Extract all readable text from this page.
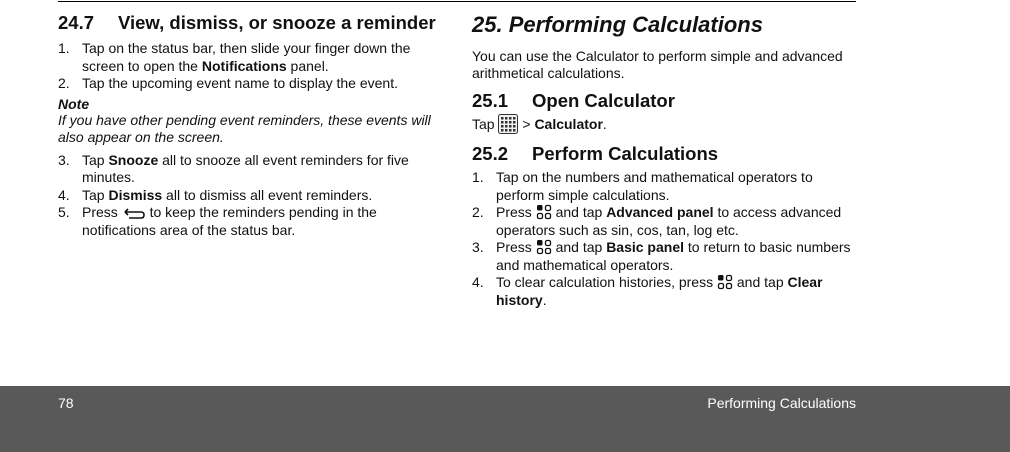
24.7 View, dismiss, or snooze a reminder

1. Tap on the status bar, then slide your finger down the screen to open the Notifications panel.

2. Tap the upcoming event name to display the event.

Note

If you have other pending event reminders, these events will also appear on the screen.

3. Tap Snooze all to snooze all event reminders for five minutes.

4. Tap Dismiss all to dismiss all event reminders.

5. Press  to keep the reminders pending in the notifications area of the status bar.

25. Performing Calculations

You can use the Calculator to perform simple and advanced arithmetical calculations.

25.1 Open Calculator

Tap > Calculator.

25.2 Perform Calculations

1. Tap on the numbers and mathematical operators to perform simple calculations.

2. Press and tap Advanced panel to access advanced operators such as sin, cos, tan, log etc.

3. Press and tap Basic panel to return to basic numbers and mathematical operators.

4. To clear calculation histories, press and tap Clear history.

78	Performing Calculations
